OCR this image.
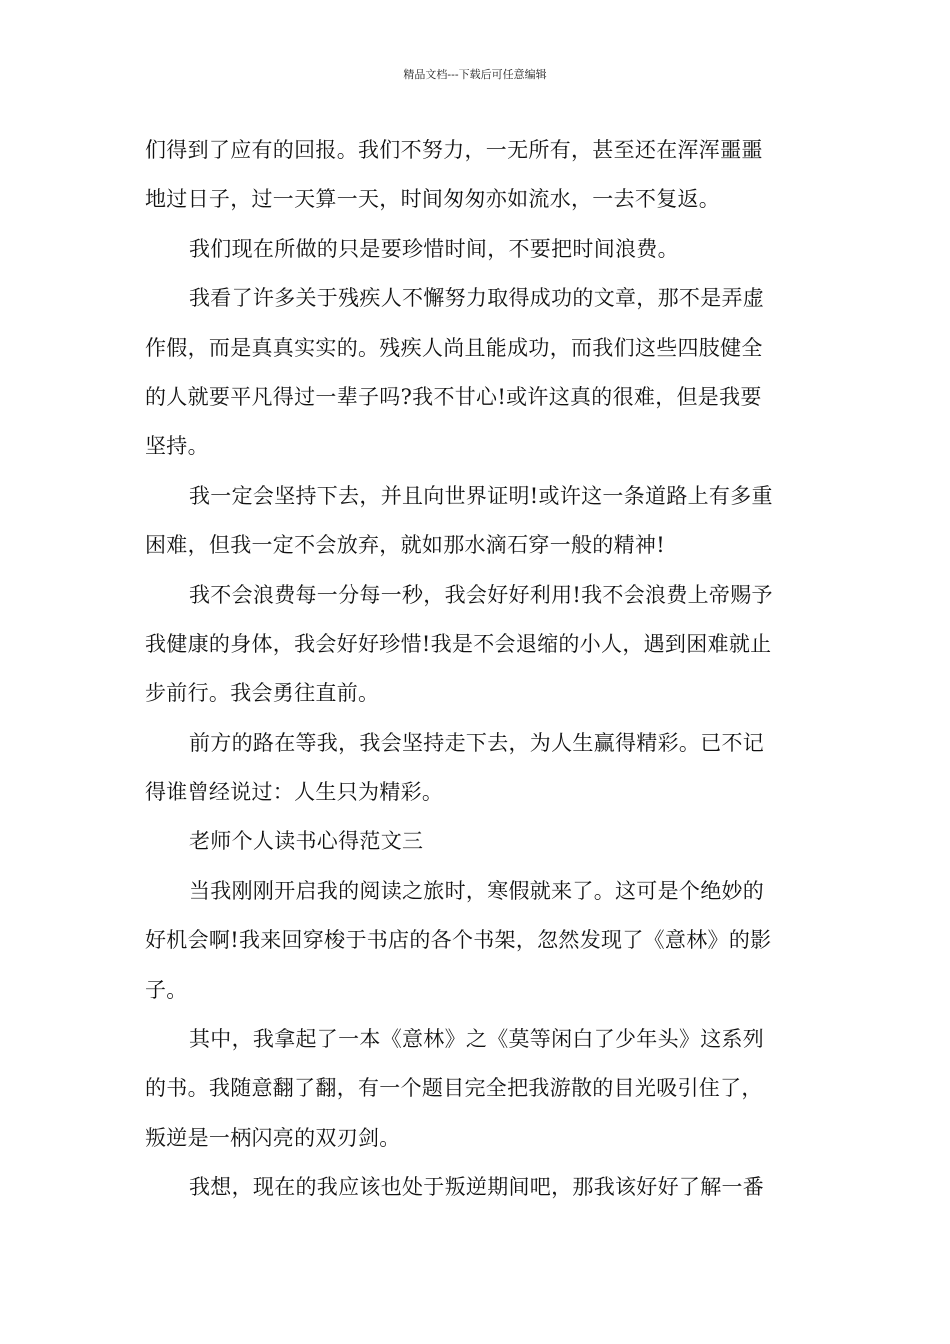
精品文档---下载后可任意编辑
们得到了应有的回报。我们不努力，一无所有，甚至还在浑浑噩噩
地过日子，过一天算一天，时间匆匆亦如流水，一去不复返。
我们现在所做的只是要珍惜时间，不要把时间浪费。
我看了许多关于残疾人不懈努力取得成功的文章，那不是弄虚
作假，而是真真实实的。残疾人尚且能成功，而我们这些四肢健全
的人就要平凡得过一辈子吗?我不甘心!或许这真的很难，但是我要
坚持。
我一定会坚持下去，并且向世界证明!或许这一条道路上有多重
困难，但我一定不会放弃，就如那水滴石穿一般的精神!
我不会浪费每一分每一秒，我会好好利用!我不会浪费上帝赐予
我健康的身体，我会好好珍惜!我是不会退缩的小人，遇到困难就止
步前行。我会勇往直前。
前方的路在等我，我会坚持走下去，为人生赢得精彩。已不记
得谁曾经说过：人生只为精彩。
老师个人读书心得范文三
当我刚刚开启我的阅读之旅时，寒假就来了。这可是个绝妙的
好机会啊!我来回穿梭于书店的各个书架，忽然发现了《意林》的影
子。
其中，我拿起了一本《意林》之《莫等闲白了少年头》这系列
的书。我随意翻了翻，有一个题目完全把我游散的目光吸引住了，
叛逆是一柄闪亮的双刃剑。
我想，现在的我应该也处于叛逆期间吧，那我该好好了解一番
